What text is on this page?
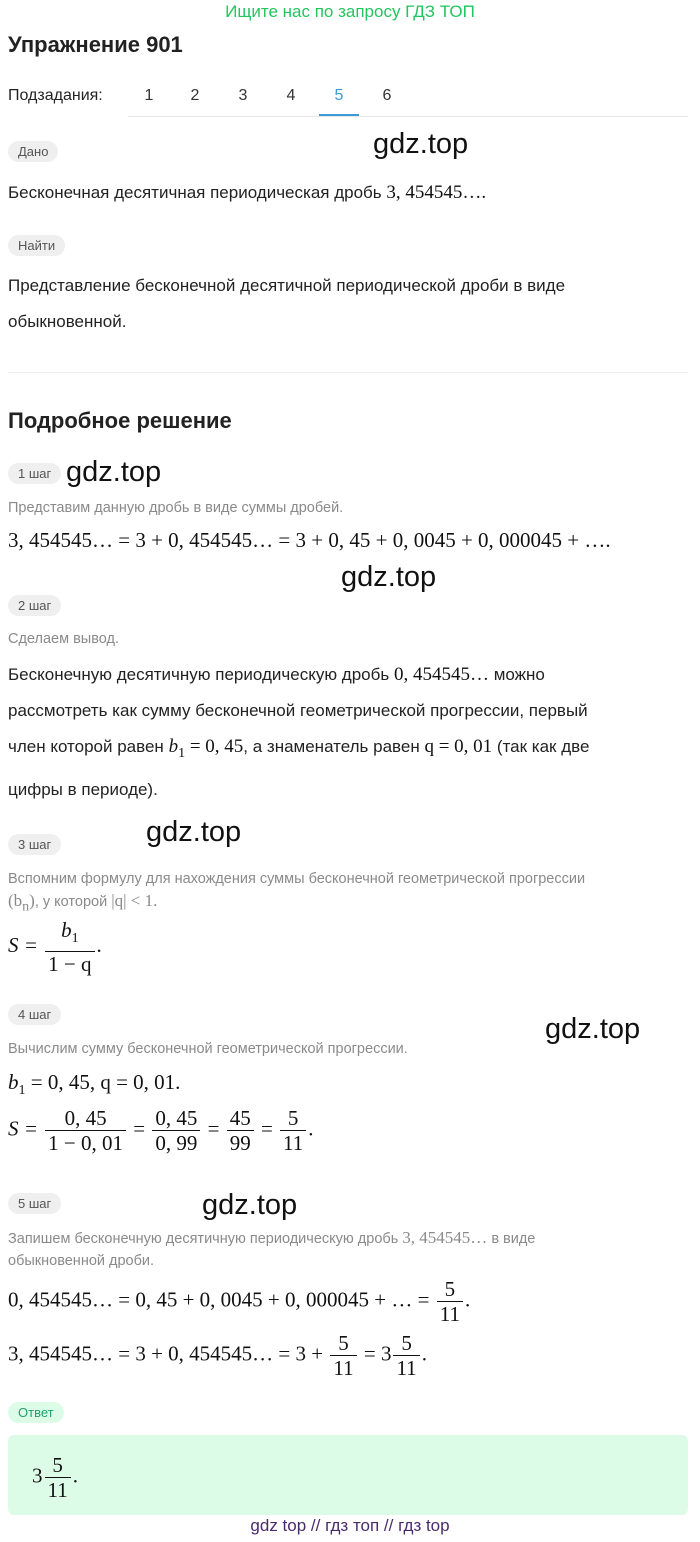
Ищите нас по запросу ГДЗ ТОП
Упражнение 901
Подзадания:	1	2	3	4	5	6
Дано	gdz.top
Бесконечная десятичная периодическая дробь 3, 454545….
Найти
Представление бесконечной десятичной периодической дроби в виде
обыкновенной.
Подробное решение
1 шаг gdz.top
Представим данную дробь в виде суммы дробей.
3, 454545… = 3 + 0, 454545… = 3 + 0, 45 + 0, 0045 + 0, 000045 + ….
gdz.top
2 шаг
Сделаем вывод.
Бесконечную десятичную периодическую дробь 0, 454545… можно
рассмотреть как сумму бесконечной геометрической прогрессии, первый
член которой равен $b_1 = 0$, 45, а знаменатель равен q = 0, 01 (так как две
цифры в периоде).
gdz.top
3 шаг
Вспомним формулу для нахождения суммы бесконечной геометрической прогрессии
$(b_n)$, у которой |q| < 1.
$S = \frac{b_1}{1 - q}$ .
4 шаг	gdz.top
Вычислим сумму бесконечной геометрической прогрессии.
$b_1 = 0$, 45, q = 0, 01.
$S = \frac{0, 45}{1 - 0, 01} = \frac{0, 45}{0, 99} = \frac{45}{99} = \frac{5}{11}$ .
5 шаг	gdz.top
Запишем бесконечную десятичную периодическую дробь 3, 454545… в виде
обыкновенной дроби.
0, 454545… = 0, 45 + 0, 0045 + 0, 000045 + … = $\frac{5}{11}$ .
3, 454545… = 3 + 0, 454545… = $3 + \frac{5}{11} = 3 \frac{5}{11}$ .
Ответ
$3 \frac{5}{11}$ .
gdz top // гдз топ // гдз top
